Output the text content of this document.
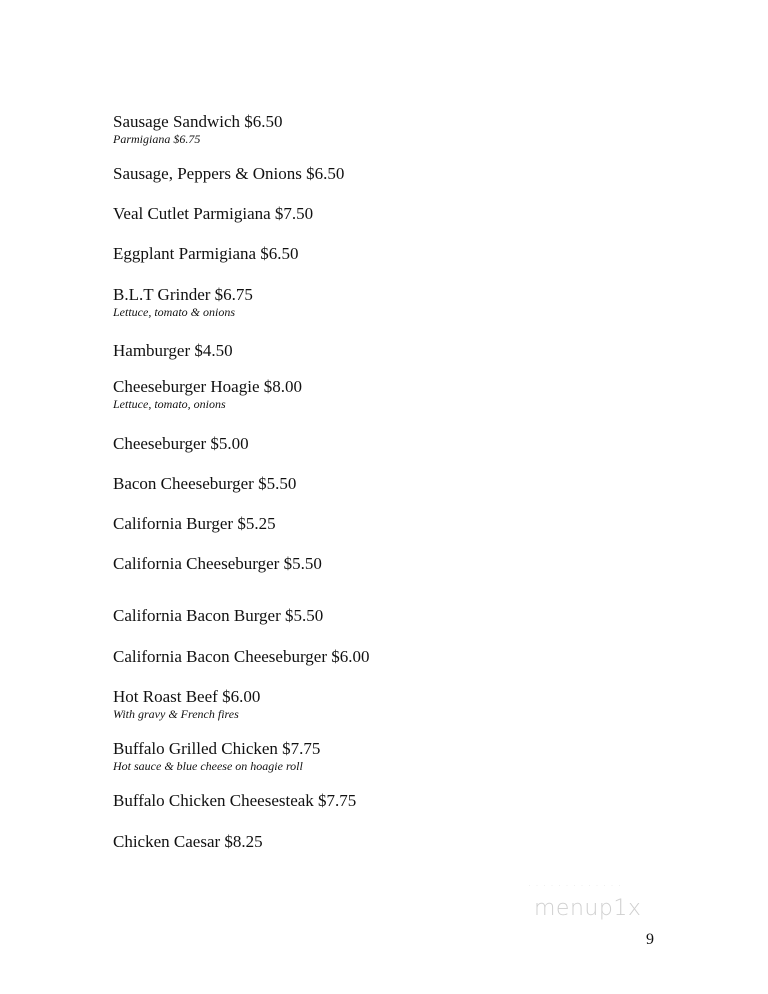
Sausage Sandwich $6.50
Parmigiana $6.75
Sausage, Peppers & Onions $6.50
Veal Cutlet Parmigiana $7.50
Eggplant Parmigiana $6.50
B.L.T Grinder $6.75
Lettuce, tomato & onions
Hamburger $4.50
Cheeseburger Hoagie $8.00
Lettuce, tomato, onions
Cheeseburger $5.00
Bacon Cheeseburger $5.50
California Burger $5.25
California Cheeseburger $5.50
California Bacon Burger $5.50
California Bacon Cheeseburger $6.00
Hot Roast Beef $6.00
With gravy & French fires
Buffalo Grilled Chicken $7.75
Hot sauce & blue cheese on hoagie roll
Buffalo Chicken Cheesesteak $7.75
Chicken Caesar $8.25
· · · · · · · · · · · · ·
menup1x
9
